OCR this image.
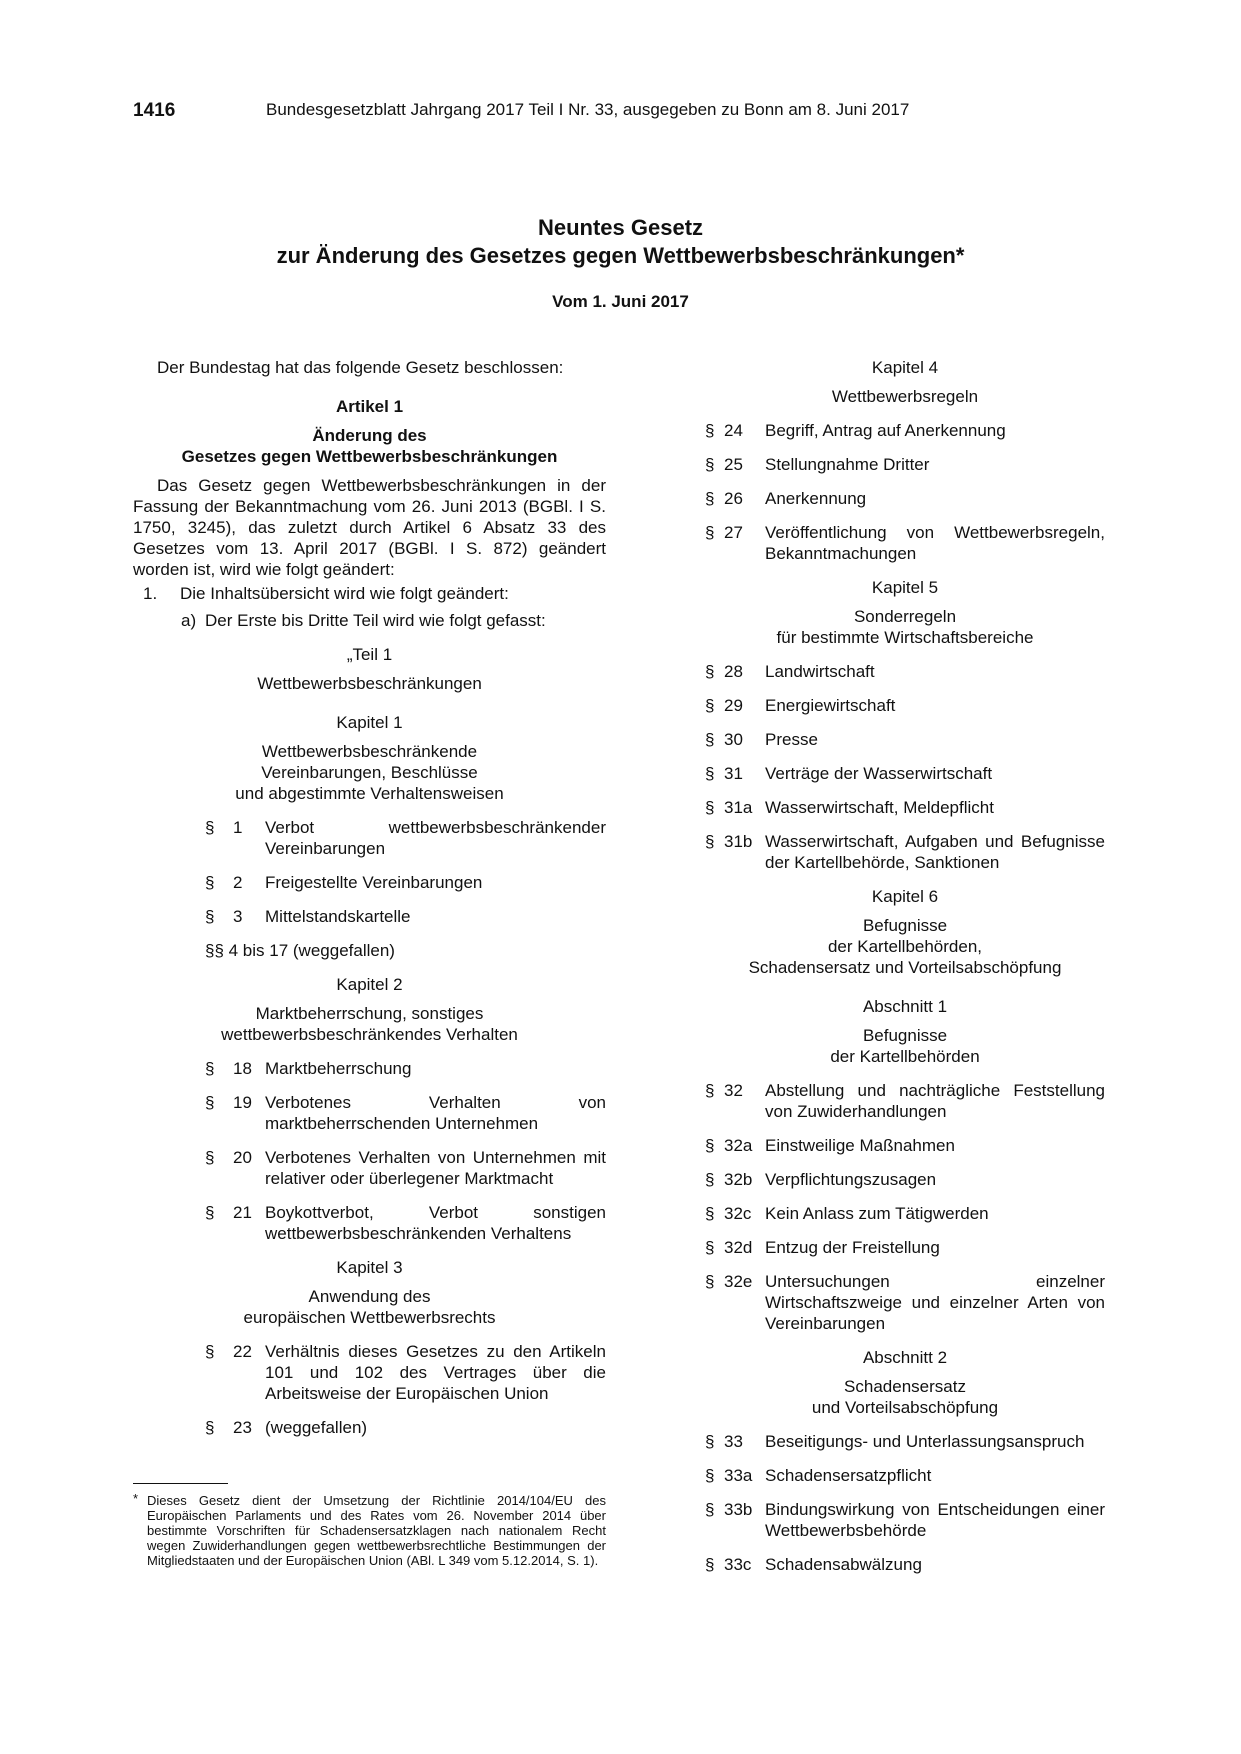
1416	Bundesgesetzblatt Jahrgang 2017 Teil I Nr. 33, ausgegeben zu Bonn am 8. Juni 2017
Neuntes Gesetz
zur Änderung des Gesetzes gegen Wettbewerbsbeschränkungen*
Vom 1. Juni 2017

Der Bundestag hat das folgende Gesetz beschlossen:

Artikel 1

Änderung des

Gesetzes gegen Wettbewerbsbeschränkungen

Das Gesetz gegen Wettbewerbsbeschränkungen in der Fassung der Bekanntmachung vom 26. Juni 2013 (BGBl. I S. 1750, 3245), das zuletzt durch Artikel 6 Absatz 33 des Gesetzes vom 13. April 2017 (BGBl. I S. 872) geändert worden ist, wird wie folgt geändert:

1. Die Inhaltsübersicht wird wie folgt geändert:
a) Der Erste bis Dritte Teil wird wie folgt gefasst:

„Teil 1

Wettbewerbsbeschränkungen

Kapitel 1

Wettbewerbsbeschränkende

Vereinbarungen, Beschlüsse

und abgestimmte Verhaltensweisen

§ 1 Verbot wettbewerbsbeschränkender Vereinbarungen
§ 2 Freigestellte Vereinbarungen
§ 3 Mittelstandskartelle
§§ 4 bis 17 (weggefallen)

Kapitel 2

Marktbeherrschung, sonstiges

wettbewerbsbeschränkendes Verhalten

§ 18 Marktbeherrschung
§ 19 Verbotenes Verhalten von marktbeherrschenden Unternehmen
§ 20 Verbotenes Verhalten von Unternehmen mit relativer oder überlegener Marktmacht
§ 21 Boykottverbot, Verbot sonstigen wettbewerbsbeschränkenden Verhaltens

Kapitel 3

Anwendung des

europäischen Wettbewerbsrechts

§ 22 Verhältnis dieses Gesetzes zu den Artikeln 101 und 102 des Vertrages über die Arbeitsweise der Europäischen Union
§ 23 (weggefallen)

Kapitel 4

Wettbewerbsregeln

§ 24 Begriff, Antrag auf Anerkennung
§ 25 Stellungnahme Dritter
§ 26 Anerkennung
§ 27 Veröffentlichung von Wettbewerbsregeln, Bekanntmachungen

Kapitel 5

Sonderregeln

für bestimmte Wirtschaftsbereiche

§ 28 Landwirtschaft
§ 29 Energiewirtschaft
§ 30 Presse
§ 31 Verträge der Wasserwirtschaft
§ 31a Wasserwirtschaft, Meldepflicht
§ 31b Wasserwirtschaft, Aufgaben und Befugnisse der Kartellbehörde, Sanktionen

Kapitel 6

Befugnisse

der Kartellbehörden,

Schadensersatz und Vorteilsabschöpfung

Abschnitt 1

Befugnisse

der Kartellbehörden

§ 32 Abstellung und nachträgliche Feststellung von Zuwiderhandlungen
§ 32a Einstweilige Maßnahmen
§ 32b Verpflichtungszusagen
§ 32c Kein Anlass zum Tätigwerden
§ 32d Entzug der Freistellung
§ 32e Untersuchungen einzelner Wirtschaftszweige und einzelner Arten von Vereinbarungen

Abschnitt 2

Schadensersatz

und Vorteilsabschöpfung

§ 33 Beseitigungs- und Unterlassungsanspruch
§ 33a Schadensersatzpflicht
§ 33b Bindungswirkung von Entscheidungen einer Wettbewerbsbehörde
§ 33c Schadensabwälzung
* Dieses Gesetz dient der Umsetzung der Richtlinie 2014/104/EU des Europäischen Parlaments und des Rates vom 26. November 2014 über bestimmte Vorschriften für Schadensersatzklagen nach nationalem Recht wegen Zuwiderhandlungen gegen wettbewerbsrechtliche Bestimmungen der Mitgliedstaaten und der Europäischen Union (ABl. L 349 vom 5.12.2014, S. 1).
